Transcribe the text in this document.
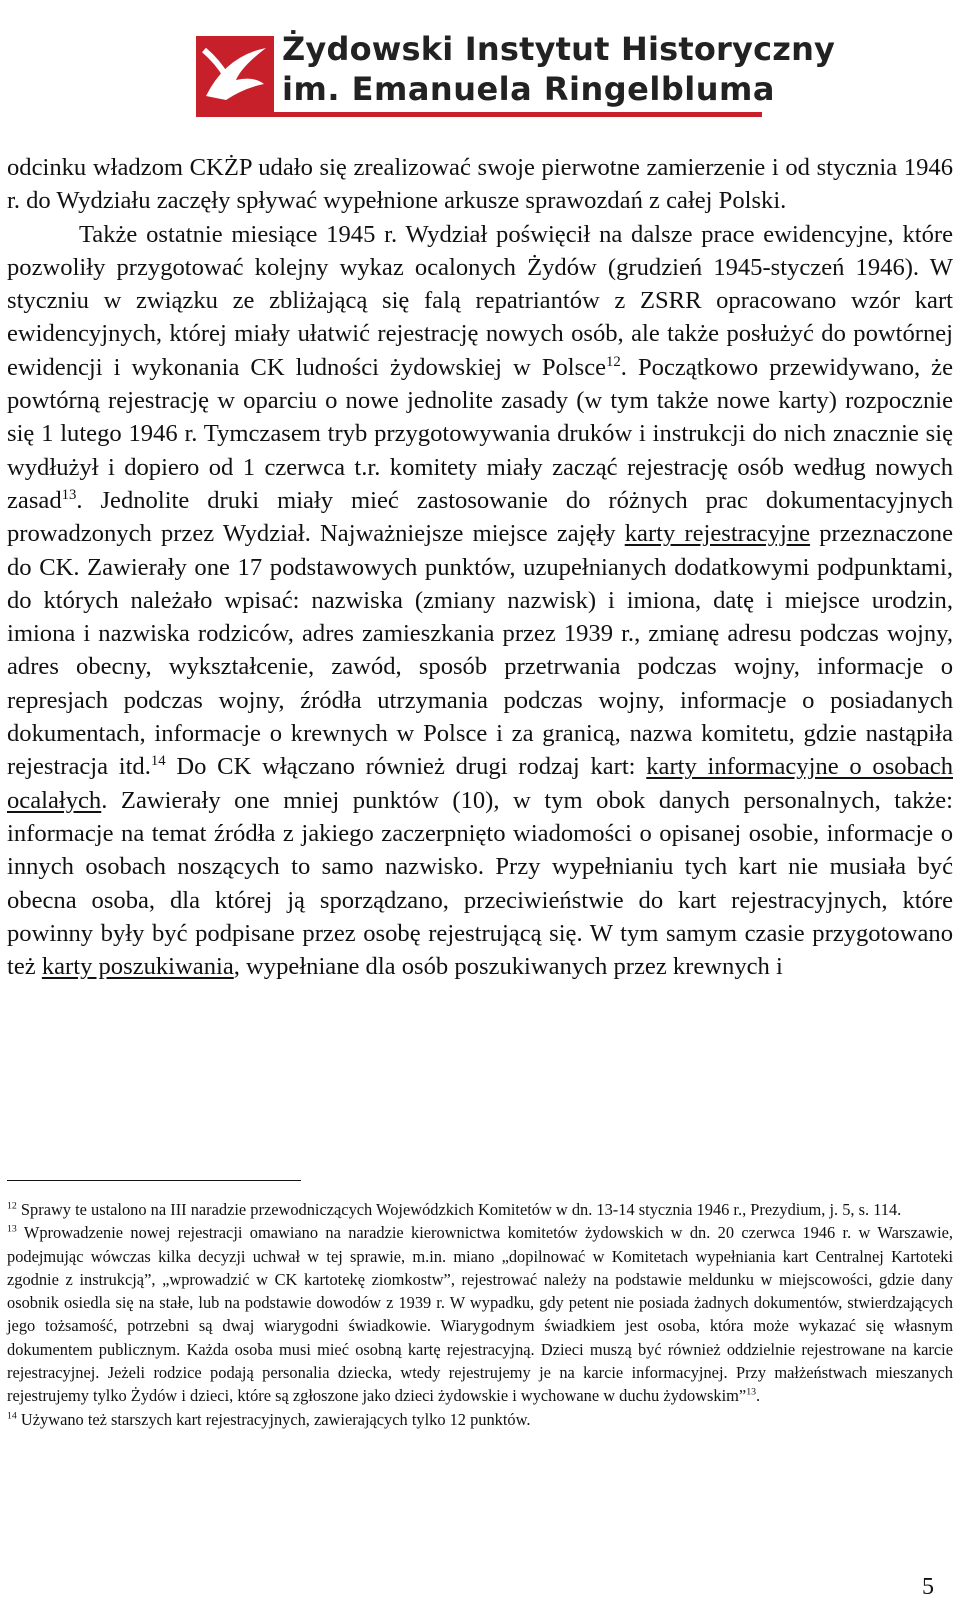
Żydowski Instytut Historyczny
im. Emanuela Ringelbluma

odcinku władzom CKŻP udało się zrealizować swoje pierwotne zamierzenie i od stycznia 1946 r. do Wydziału zaczęły spływać wypełnione arkusze sprawozdań z całej Polski.

Także ostatnie miesiące 1945 r. Wydział poświęcił na dalsze prace ewidencyjne, które pozwoliły przygotować kolejny wykaz ocalonych Żydów (grudzień 1945-styczeń 1946). W styczniu w związku ze zbliżającą się falą repatriantów z ZSRR opracowano wzór kart ewidencyjnych, której miały ułatwić rejestrację nowych osób, ale także posłużyć do powtórnej ewidencji i wykonania CK ludności żydowskiej w Polsce$^{12}$. Początkowo przewidywano, że powtórną rejestrację w oparciu o nowe jednolite zasady (w tym także nowe karty) rozpocznie się 1 lutego 1946 r. Tymczasem tryb przygotowywania druków i instrukcji do nich znacznie się wydłużył i dopiero od 1 czerwca t.r. komitety miały zacząć rejestrację osób według nowych zasad$^{13}$. Jednolite druki miały mieć zastosowanie do różnych prac dokumentacyjnych prowadzonych przez Wydział. Najważniejsze miejsce zajęły karty rejestracyjne przeznaczone do CK. Zawierały one 17 podstawowych punktów, uzupełnianych dodatkowymi podpunktami, do których należało wpisać: nazwiska (zmiany nazwisk) i imiona, datę i miejsce urodzin, imiona i nazwiska rodziców, adres zamieszkania przez 1939 r., zmianę adresu podczas wojny, adres obecny, wykształcenie, zawód, sposób przetrwania podczas wojny, informacje o represjach podczas wojny, źródła utrzymania podczas wojny, informacje o posiadanych dokumentach, informacje o krewnych w Polsce i za granicą, nazwa komitetu, gdzie nastąpiła rejestracja itd.$^{14}$ Do CK włączano również drugi rodzaj kart: karty informacyjne o osobach ocalałych. Zawierały one mniej punktów (10), w tym obok danych personalnych, także: informacje na temat źródła z jakiego zaczerpnięto wiadomości o opisanej osobie, informacje o innych osobach noszących to samo nazwisko. Przy wypełnianiu tych kart nie musiała być obecna osoba, dla której ją sporządzano, przeciwieństwie do kart rejestracyjnych, które powinny były być podpisane przez osobę rejestrującą się. W tym samym czasie przygotowano też karty poszukiwania, wypełniane dla osób poszukiwanych przez krewnych i

$^{12}$ Sprawy te ustalono na III naradzie przewodniczących Wojewódzkich Komitetów w dn. 13-14 stycznia 1946 r., Prezydium, j. 5, s. 114.

$^{13}$ Wprowadzenie nowej rejestracji omawiano na naradzie kierownictwa komitetów żydowskich w dn. 20 czerwca 1946 r. w Warszawie, podejmując wówczas kilka decyzji uchwał w tej sprawie, m.in. miano „dopilnować w Komitetach wypełniania kart Centralnej Kartoteki zgodnie z instrukcją”, „wprowadzić w CK kartotekę ziomkostw”, rejestrować należy na podstawie meldunku w miejscowości, gdzie dany osobnik osiedla się na stałe, lub na podstawie dowodów z 1939 r. W wypadku, gdy petent nie posiada żadnych dokumentów, stwierdzających jego tożsamość, potrzebni są dwaj wiarygodni świadkowie. Wiarygodnym świadkiem jest osoba, która może wykazać się własnym dokumentem publicznym. Każda osoba musi mieć osobną kartę rejestracyjną. Dzieci muszą być również oddzielnie rejestrowane na karcie rejestracyjnej. Jeżeli rodzice podają personalia dziecka, wtedy rejestrujemy je na karcie informacyjnej. Przy małżeństwach mieszanych rejestrujemy tylko Żydów i dzieci, które są zgłoszone jako dzieci żydowskie i wychowane w duchu żydowskim”$^{13}$.

$^{14}$ Używano też starszych kart rejestracyjnych, zawierających tylko 12 punktów.

5
